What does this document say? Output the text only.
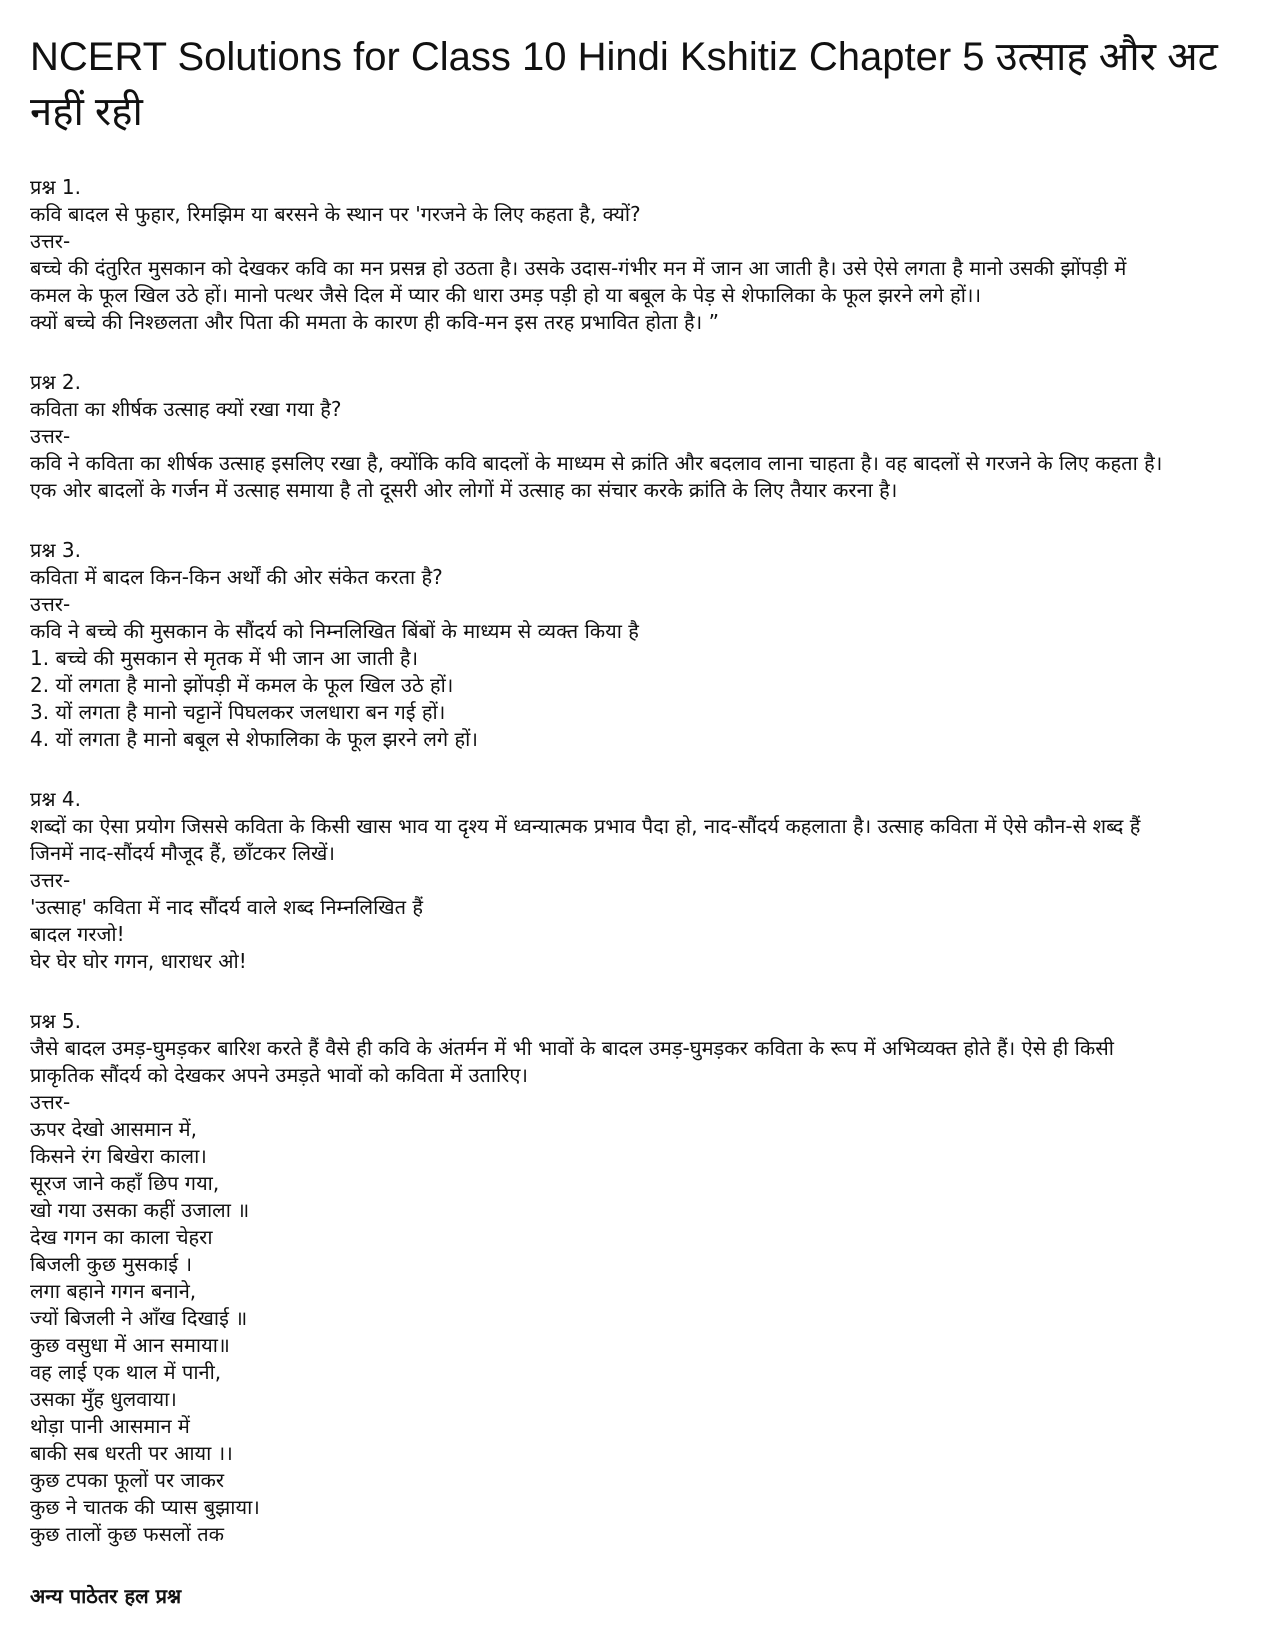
NCERT Solutions for Class 10 Hindi Kshitiz Chapter 5 उत्साह और अट
नहीं रही
प्रश्न 1.
कवि बादल से फुहार, रिमझिम या बरसने के स्थान पर 'गरजने के लिए कहता है, क्यों?
उत्तर-
बच्चे की दंतुरित मुसकान को देखकर कवि का मन प्रसन्न हो उठता है। उसके उदास-गंभीर मन में जान आ जाती है। उसे ऐसे लगता है मानो उसकी झोंपड़ी में
कमल के फूल खिल उठे हों। मानो पत्थर जैसे दिल में प्यार की धारा उमड़ पड़ी हो या बबूल के पेड़ से शेफालिका के फूल झरने लगे हों।।
क्यों बच्चे की निश्छलता और पिता की ममता के कारण ही कवि-मन इस तरह प्रभावित होता है। ”
प्रश्न 2.
कविता का शीर्षक उत्साह क्यों रखा गया है?
उत्तर-
कवि ने कविता का शीर्षक उत्साह इसलिए रखा है, क्योंकि कवि बादलों के माध्यम से क्रांति और बदलाव लाना चाहता है। वह बादलों से गरजने के लिए कहता है।
एक ओर बादलों के गर्जन में उत्साह समाया है तो दूसरी ओर लोगों में उत्साह का संचार करके क्रांति के लिए तैयार करना है।
प्रश्न 3.
कविता में बादल किन-किन अर्थों की ओर संकेत करता है?
उत्तर-
कवि ने बच्चे की मुसकान के सौंदर्य को निम्नलिखित बिंबों के माध्यम से व्यक्त किया है
1. बच्चे की मुसकान से मृतक में भी जान आ जाती है।
2. यों लगता है मानो झोंपड़ी में कमल के फूल खिल उठे हों।
3. यों लगता है मानो चट्टानें पिघलकर जलधारा बन गई हों।
4. यों लगता है मानो बबूल से शेफालिका के फूल झरने लगे हों।
प्रश्न 4.
शब्दों का ऐसा प्रयोग जिससे कविता के किसी खास भाव या दृश्य में ध्वन्यात्मक प्रभाव पैदा हो, नाद-सौंदर्य कहलाता है। उत्साह कविता में ऐसे कौन-से शब्द हैं
जिनमें नाद-सौंदर्य मौजूद हैं, छाँटकर लिखें।
उत्तर-
'उत्साह' कविता में नाद सौंदर्य वाले शब्द निम्नलिखित हैं
बादल गरजो!
घेर घेर घोर गगन, धाराधर ओ!
प्रश्न 5.
जैसे बादल उमड़-घुमड़कर बारिश करते हैं वैसे ही कवि के अंतर्मन में भी भावों के बादल उमड़-घुमड़कर कविता के रूप में अभिव्यक्त होते हैं। ऐसे ही किसी
प्राकृतिक सौंदर्य को देखकर अपने उमड़ते भावों को कविता में उतारिए।
उत्तर-
ऊपर देखो आसमान में,
किसने रंग बिखेरा काला।
सूरज जाने कहाँ छिप गया,
खो गया उसका कहीं उजाला ॥
देख गगन का काला चेहरा
बिजली कुछ मुसकाई ।
लगा बहाने गगन बनाने,
ज्यों बिजली ने आँख दिखाई ॥
कुछ वसुधा में आन समाया॥
वह लाई एक थाल में पानी,
उसका मुँह धुलवाया।
थोड़ा पानी आसमान में
बाकी सब धरती पर आया ।।
कुछ टपका फूलों पर जाकर
कुछ ने चातक की प्यास बुझाया।
कुछ तालों कुछ फसलों तक
अन्य पाठेतर हल प्रश्न
